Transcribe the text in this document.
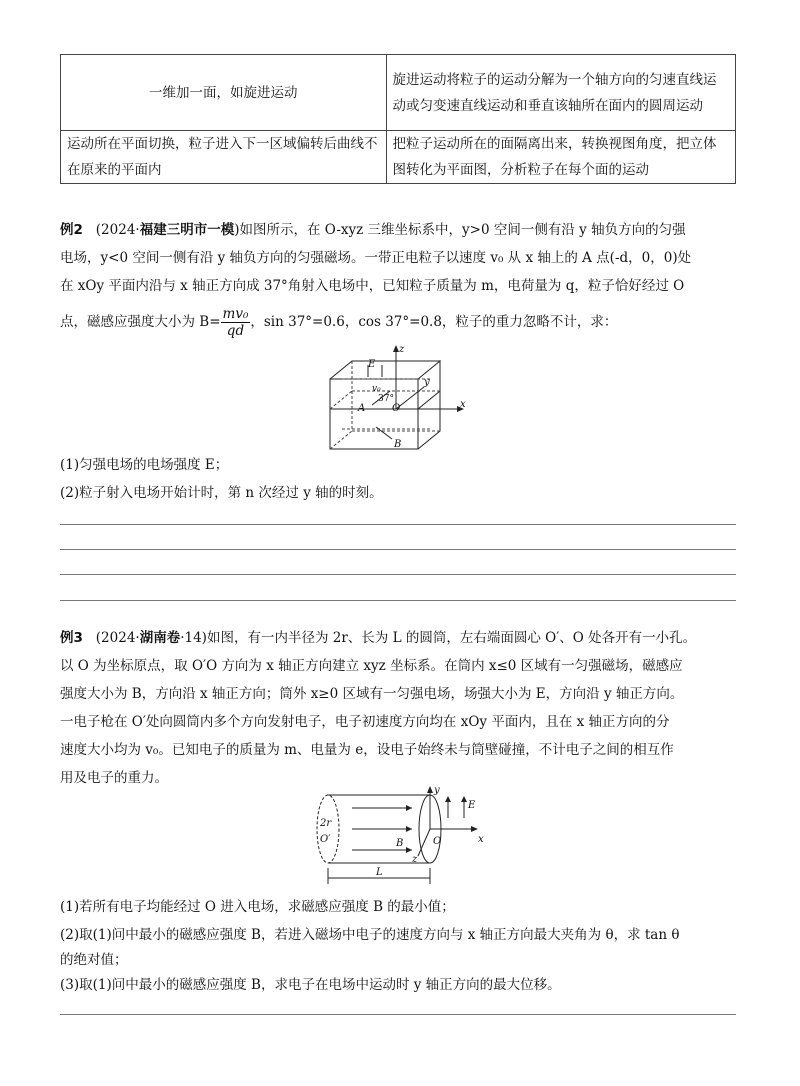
一维加一面，如旋进运动	旋进运动将粒子的运动分解为一个轴方向的匀速直线运动或匀变速直线运动和垂直该轴所在面内的圆周运动
运动所在平面切换，粒子进入下一区域偏转后曲线不在原来的平面内	把粒子运动所在的面隔离出来，转换视图角度，把立体图转化为平面图，分析粒子在每个面的运动
例2 (2024·福建三明市一模)如图所示，在 O-xyz 三维坐标系中，y>0 空间一侧有沿 y 轴负方向的匀强
电场，y<0 空间一侧有沿 y 轴负方向的匀强磁场。一带正电粒子以速度 v₀ 从 x 轴上的 A 点(-d，0，0)处
在 xOy 平面内沿与 x 轴正方向成 37°角射入电场中，已知粒子质量为 m，电荷量为 q，粒子恰好经过 O
点，磁感应强度大小为 $B= \frac{\text{mv₀}}{qd}$ ，sin 37°=0.6，cos 37°=0.8，粒子的重力忽略不计，求：
z
E
v₀
y
37°
A	O	x
B
(1)匀强电场的电场强度 E；
(2)粒子射入电场开始计时，第 n 次经过 y 轴的时刻。
例3 (2024·湖南卷·14)如图，有一内半径为 2r、长为 L 的圆筒，左右端面圆心 O′、O 处各开有一小孔。
以 O 为坐标原点，取 O′O 方向为 x 轴正方向建立 xyz 坐标系。在筒内 x≤0 区域有一匀强磁场，磁感应
强度大小为 B，方向沿 x 轴正方向；筒外 x≥0 区域有一匀强电场，场强大小为 E，方向沿 y 轴正方向。
一电子枪在 O′处向圆筒内多个方向发射电子，电子初速度方向均在 xOy 平面内，且在 x 轴正方向的分
速度大小均为 v₀。已知电子的质量为 m、电量为 e，设电子始终未与筒壁碰撞，不计电子之间的相互作
用及电子的重力。
2r
O′
y
E
B	O	x
z
L
(1)若所有电子均能经过 O 进入电场，求磁感应强度 B 的最小值；
(2)取(1)问中最小的磁感应强度 B，若进入磁场中电子的速度方向与 x 轴正方向最大夹角为 θ，求 tan θ
的绝对值；
(3)取(1)问中最小的磁感应强度 B，求电子在电场中运动时 y 轴正方向的最大位移。
